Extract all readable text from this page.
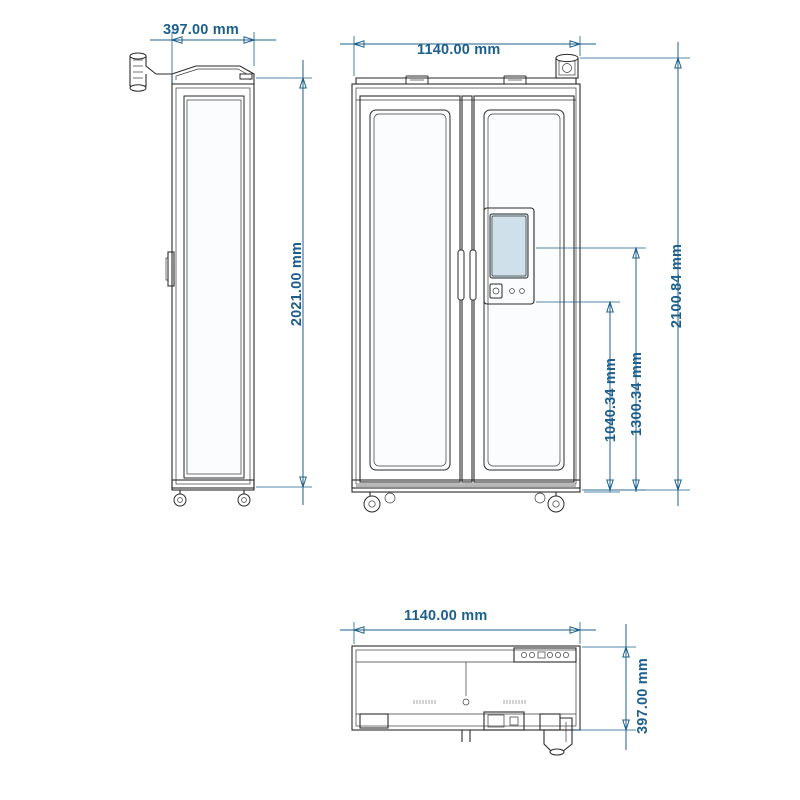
397.00 mm
2021.00 mm
1140.00 mm
2100.84 mm
1040.34 mm 1300.34 mm
1140.00 mm
397.00 mm
